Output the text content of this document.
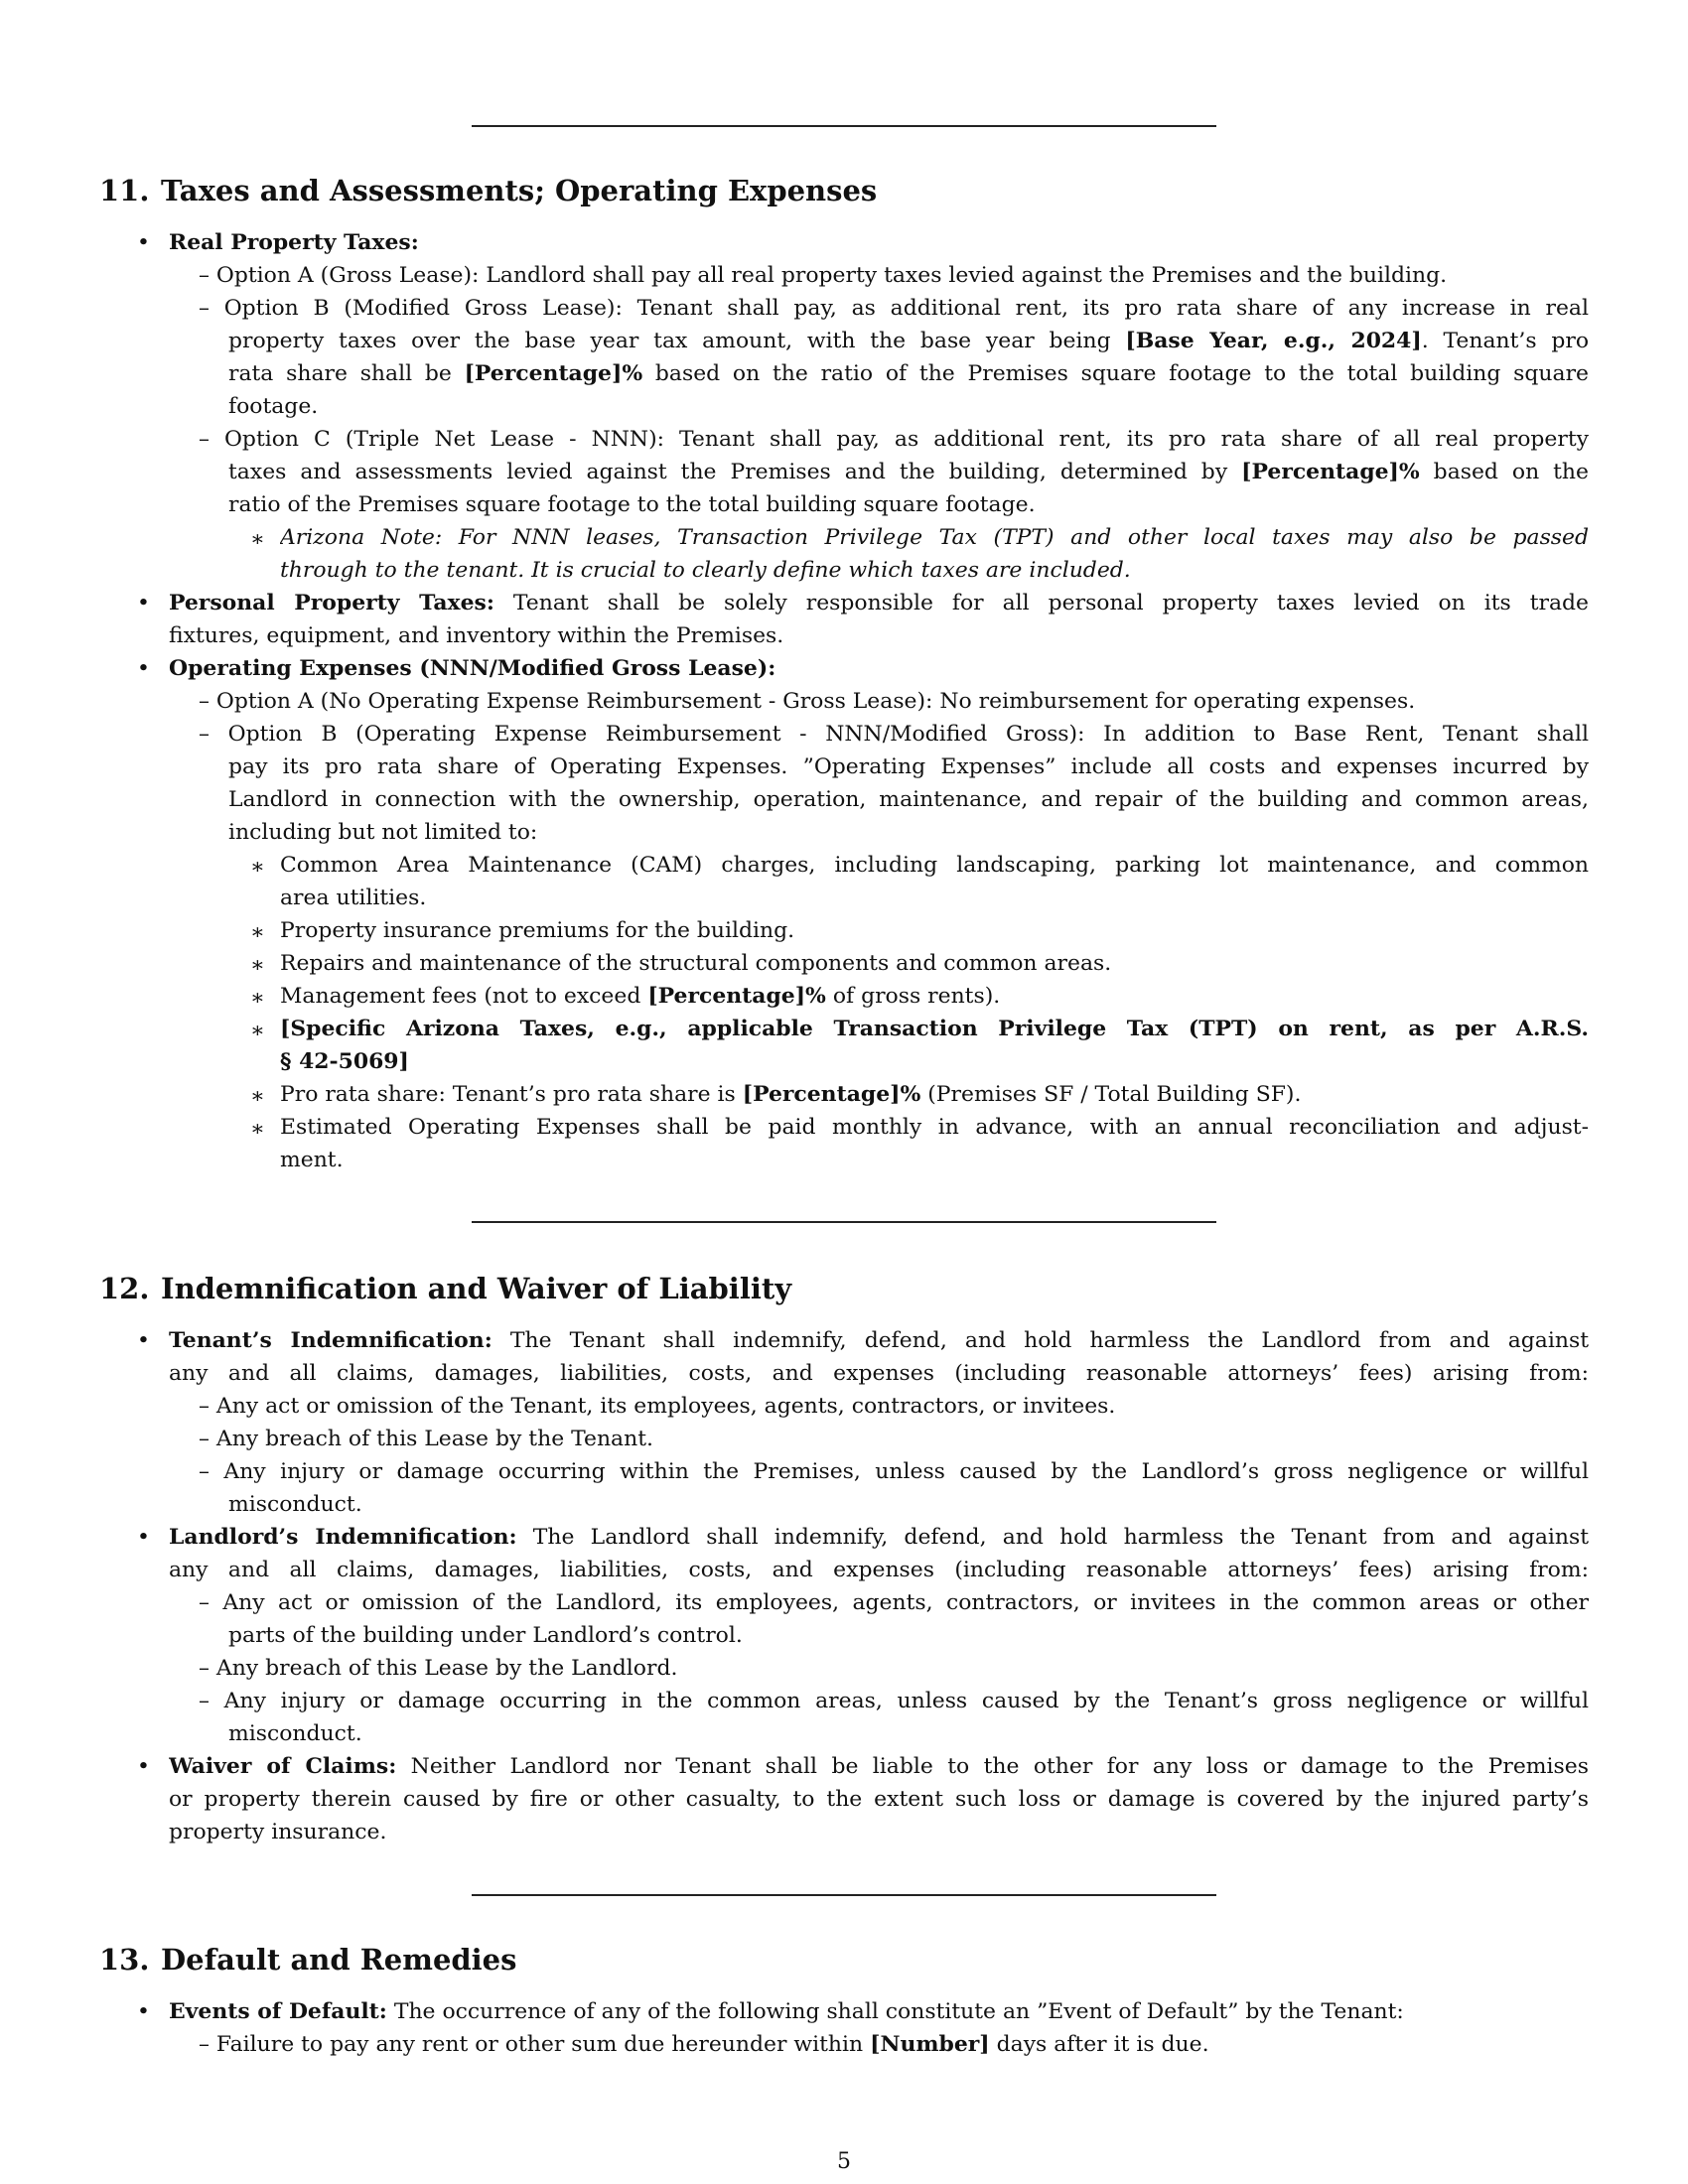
11. Taxes and Assessments; Operating Expenses
• Real Property Taxes:
– Option A (Gross Lease): Landlord shall pay all real property taxes levied against the Premises and the building.
– Option B (Modified Gross Lease): Tenant shall pay, as additional rent, its pro rata share of any increase in real
property taxes over the base year tax amount, with the base year being [Base Year, e.g., 2024]. Tenant’s pro
rata share shall be [Percentage]% based on the ratio of the Premises square footage to the total building square
footage.
– Option C (Triple Net Lease - NNN): Tenant shall pay, as additional rent, its pro rata share of all real property
taxes and assessments levied against the Premises and the building, determined by [Percentage]% based on the
ratio of the Premises square footage to the total building square footage.
∗ Arizona Note: For NNN leases, Transaction Privilege Tax (TPT) and other local taxes may also be passed
through to the tenant. It is crucial to clearly define which taxes are included.
• Personal Property Taxes: Tenant shall be solely responsible for all personal property taxes levied on its trade
fixtures, equipment, and inventory within the Premises.
• Operating Expenses (NNN/Modified Gross Lease):
– Option A (No Operating Expense Reimbursement - Gross Lease): No reimbursement for operating expenses.
– Option B (Operating Expense Reimbursement - NNN/Modified Gross): In addition to Base Rent, Tenant shall
pay its pro rata share of Operating Expenses. ”Operating Expenses” include all costs and expenses incurred by
Landlord in connection with the ownership, operation, maintenance, and repair of the building and common areas,
including but not limited to:
∗ Common Area Maintenance (CAM) charges, including landscaping, parking lot maintenance, and common
area utilities.
∗ Property insurance premiums for the building.
∗ Repairs and maintenance of the structural components and common areas.
∗ Management fees (not to exceed [Percentage]% of gross rents).
∗ [Specific Arizona Taxes, e.g., applicable Transaction Privilege Tax (TPT) on rent, as per A.R.S.
§ 42-5069]
∗ Pro rata share: Tenant’s pro rata share is [Percentage]% (Premises SF / Total Building SF).
∗ Estimated Operating Expenses shall be paid monthly in advance, with an annual reconciliation and adjust-
ment.
12. Indemnification and Waiver of Liability
• Tenant’s Indemnification: The Tenant shall indemnify, defend, and hold harmless the Landlord from and against
any and all claims, damages, liabilities, costs, and expenses (including reasonable attorneys’ fees) arising from:
– Any act or omission of the Tenant, its employees, agents, contractors, or invitees.
– Any breach of this Lease by the Tenant.
– Any injury or damage occurring within the Premises, unless caused by the Landlord’s gross negligence or willful
misconduct.
• Landlord’s Indemnification: The Landlord shall indemnify, defend, and hold harmless the Tenant from and against
any and all claims, damages, liabilities, costs, and expenses (including reasonable attorneys’ fees) arising from:
– Any act or omission of the Landlord, its employees, agents, contractors, or invitees in the common areas or other
parts of the building under Landlord’s control.
– Any breach of this Lease by the Landlord.
– Any injury or damage occurring in the common areas, unless caused by the Tenant’s gross negligence or willful
misconduct.
• Waiver of Claims: Neither Landlord nor Tenant shall be liable to the other for any loss or damage to the Premises
or property therein caused by fire or other casualty, to the extent such loss or damage is covered by the injured party’s
property insurance.
13. Default and Remedies
• Events of Default: The occurrence of any of the following shall constitute an ”Event of Default” by the Tenant:
– Failure to pay any rent or other sum due hereunder within [Number] days after it is due.
5
